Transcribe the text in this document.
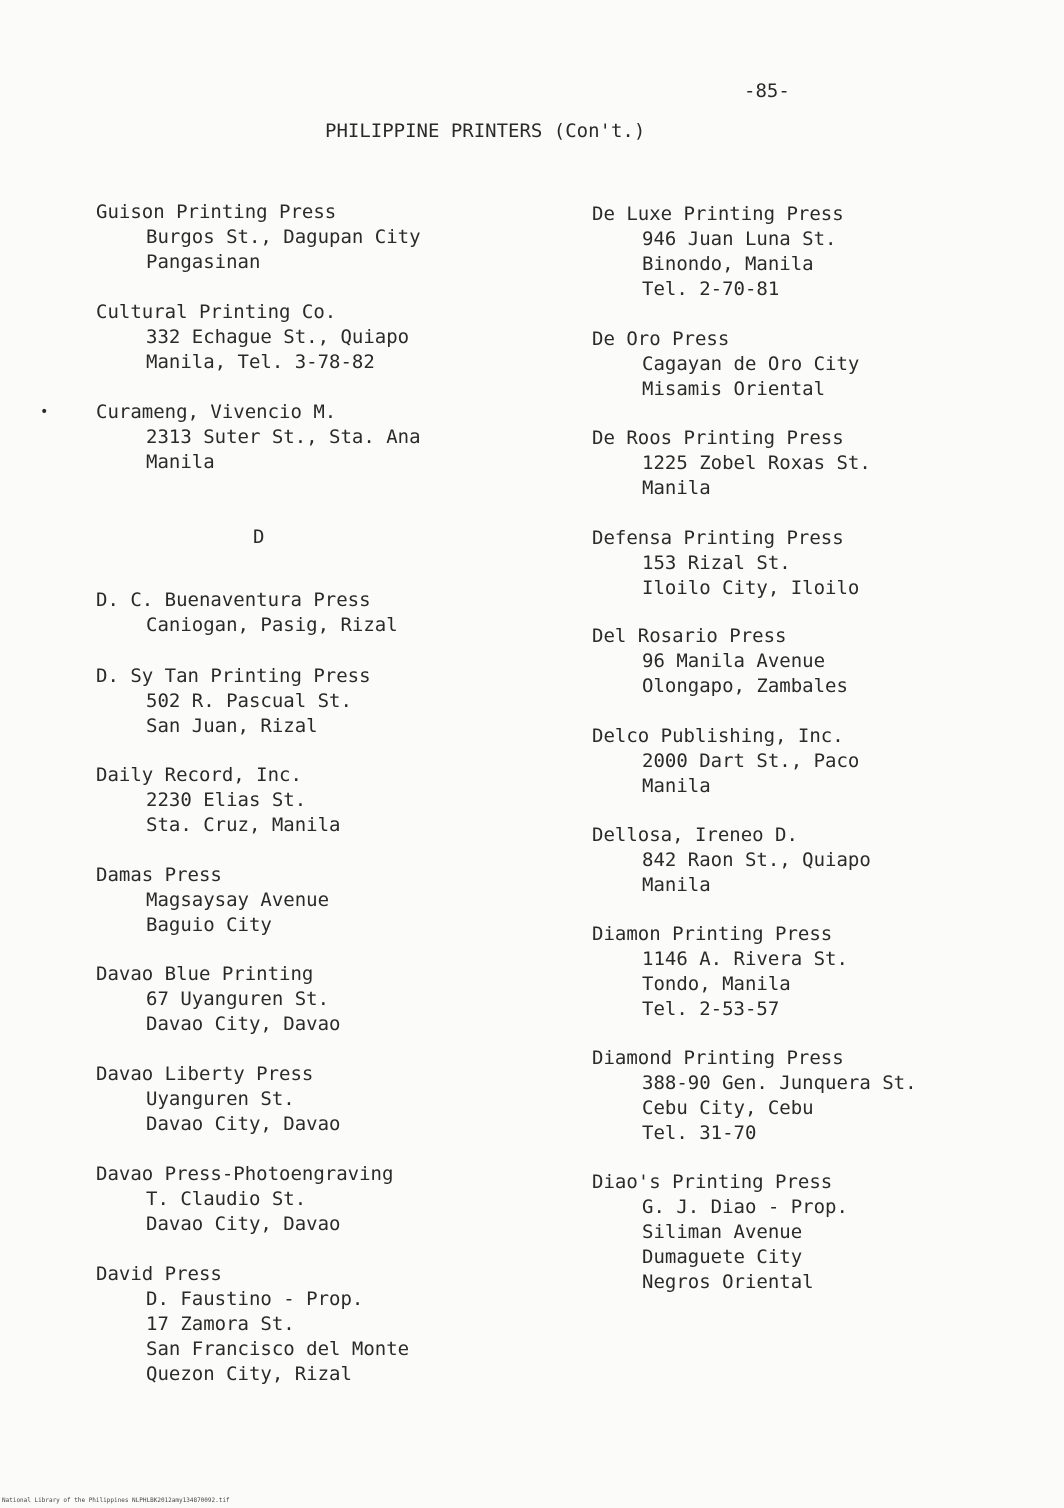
-85-
PHILIPPINE PRINTERS (Con't.)
•
D
Guison Printing Press
Burgos St., Dagupan City
Pangasinan
Cultural Printing Co.
332 Echague St., Quiapo
Manila, Tel. 3-78-82
Curameng, Vivencio M.
2313 Suter St., Sta. Ana
Manila
D. C. Buenaventura Press
Caniogan, Pasig, Rizal
D. Sy Tan Printing Press
502 R. Pascual St.
San Juan, Rizal
Daily Record, Inc.
2230 Elias St.
Sta. Cruz, Manila
Damas Press
Magsaysay Avenue
Baguio City
Davao Blue Printing
67 Uyanguren St.
Davao City, Davao
Davao Liberty Press
Uyanguren St.
Davao City, Davao
Davao Press-Photoengraving
T. Claudio St.
Davao City, Davao
David Press
D. Faustino - Prop.
17 Zamora St.
San Francisco del Monte
Quezon City, Rizal
De Luxe Printing Press
946 Juan Luna St.
Binondo, Manila
Tel. 2-70-81
De Oro Press
Cagayan de Oro City
Misamis Oriental
De Roos Printing Press
1225 Zobel Roxas St.
Manila
Defensa Printing Press
153 Rizal St.
Iloilo City, Iloilo
Del Rosario Press
96 Manila Avenue
Olongapo, Zambales
Delco Publishing, Inc.
2000 Dart St., Paco
Manila
Dellosa, Ireneo D.
842 Raon St., Quiapo
Manila
Diamon Printing Press
1146 A. Rivera St.
Tondo, Manila
Tel. 2-53-57
Diamond Printing Press
388-90 Gen. Junquera St.
Cebu City, Cebu
Tel. 31-70
Diao's Printing Press
G. J. Diao - Prop.
Siliman Avenue
Dumaguete City
Negros Oriental
National Library of the Philippines NLPHLBK2012amy134870092.tif
